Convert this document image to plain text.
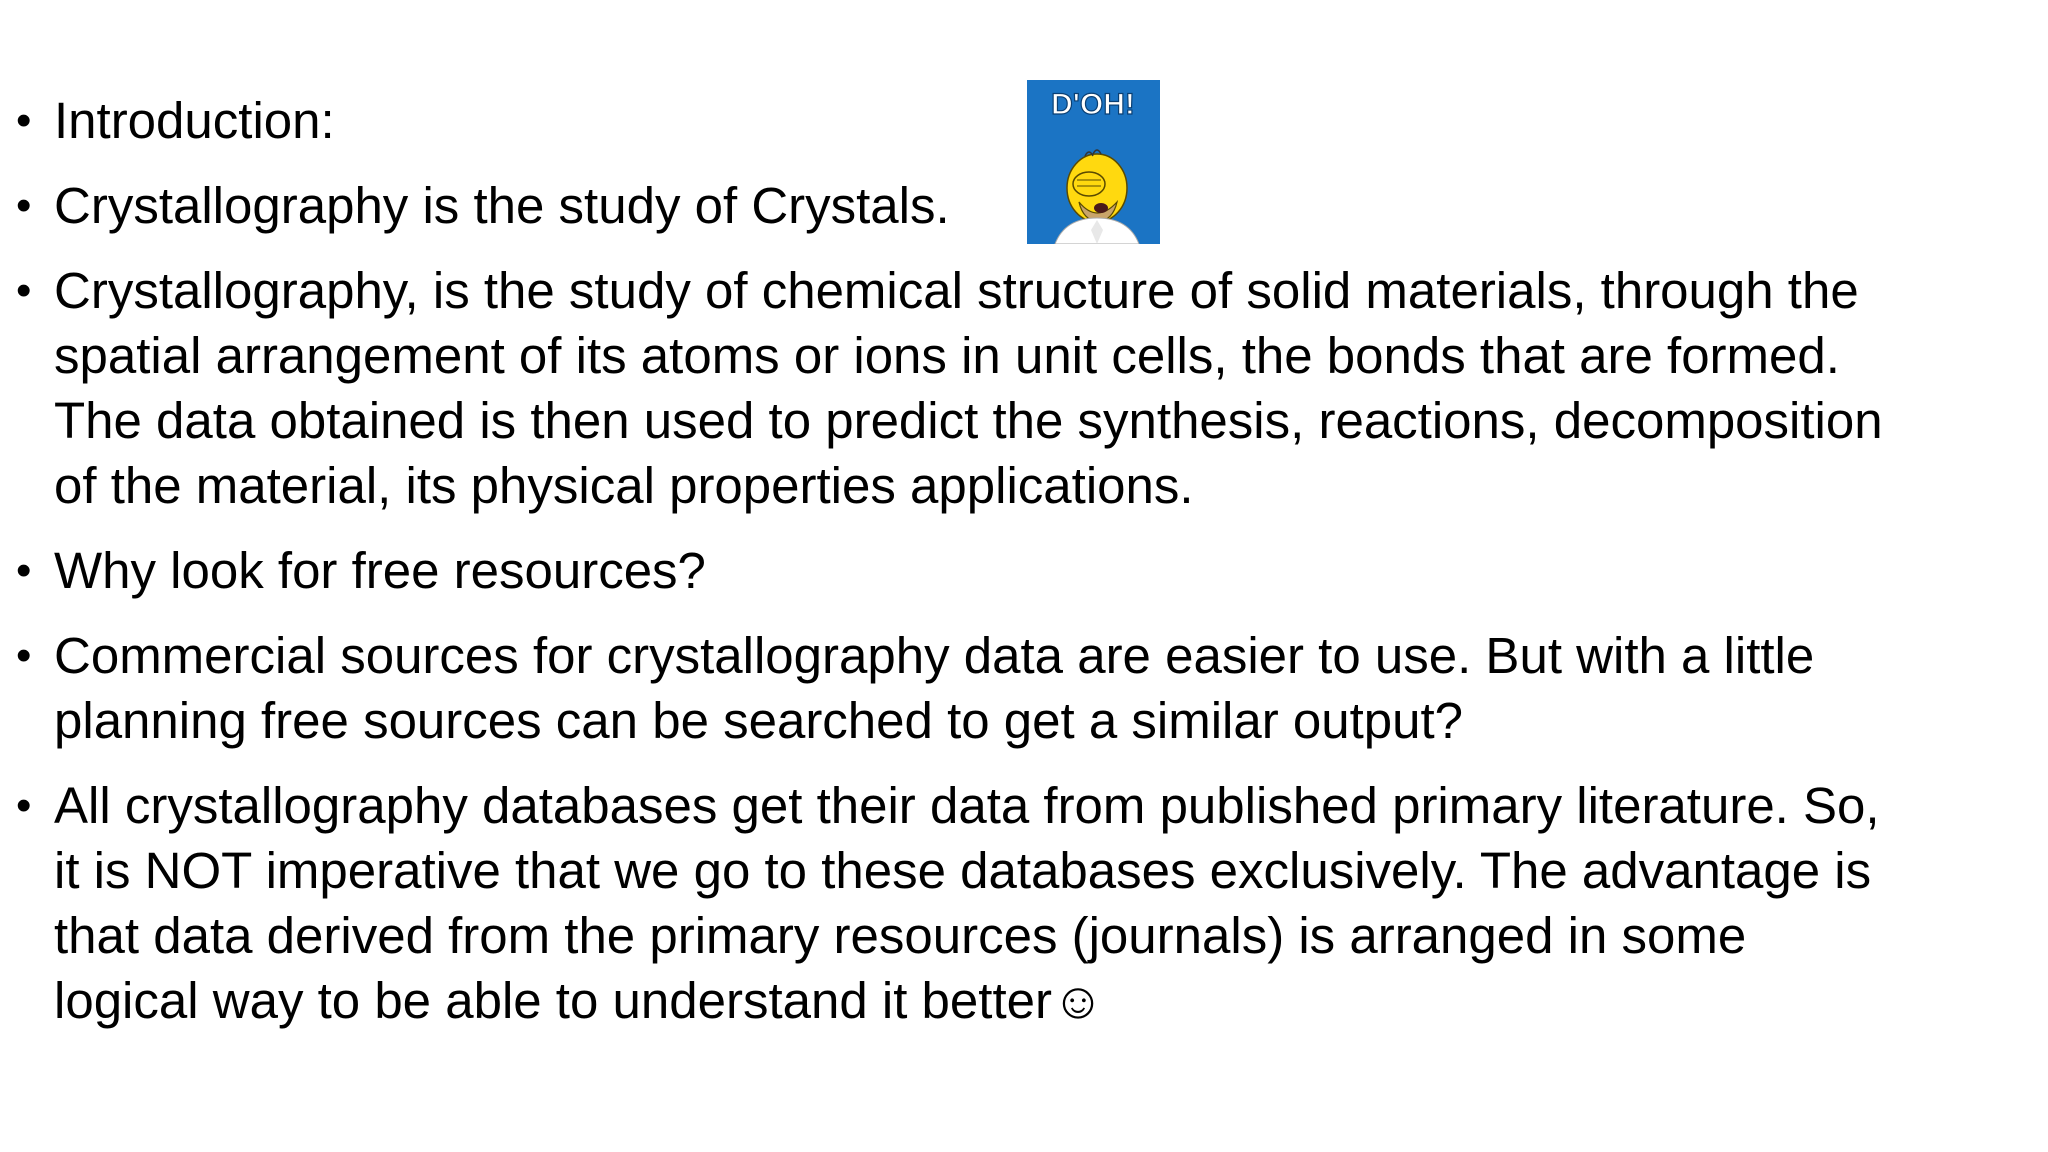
• Introduction:
• Crystallography is the study of Crystals.
• Crystallography, is the study of chemical structure of solid materials, through the
spatial arrangement of its atoms or ions in unit cells, the bonds that are formed.
The data obtained is then used to predict the synthesis, reactions, decomposition
of the material, its physical properties applications.
• Why look for free resources?
• Commercial sources for crystallography data are easier to use. But with a little
planning free sources can be searched to get a similar output?
• All crystallography databases get their data from published primary literature. So,
it is NOT imperative that we go to these databases exclusively. The advantage is
that data derived from the primary resources (journals) is arranged in some
logical way to be able to understand it better☺
D'OH!
